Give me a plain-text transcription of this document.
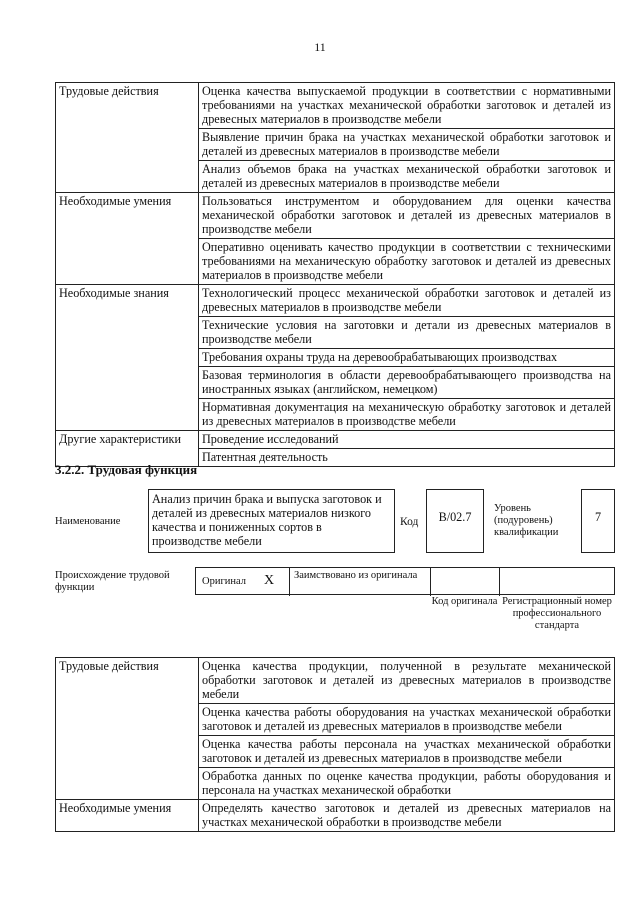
11
Трудовые действия	Оценка качества выпускаемой продукции в соответствии с нормативными требованиями на участках механической обработки заготовок и деталей из древесных материалов в производстве мебели
	Выявление причин брака на участках механической обработки заготовок и деталей из древесных материалов в производстве мебели
	Анализ объемов брака на участках механической обработки заготовок и деталей из древесных материалов в производстве мебели
Необходимые умения	Пользоваться инструментом и оборудованием для оценки качества механической обработки заготовок и деталей из древесных материалов в производстве мебели
	Оперативно оценивать качество продукции в соответствии с техническими требованиями на механическую обработку заготовок и деталей из древесных материалов в производстве мебели
Необходимые знания	Технологический процесс механической обработки заготовок и деталей из древесных материалов в производстве мебели
	Технические условия на заготовки и детали из древесных материалов в производстве мебели
	Требования охраны труда на деревообрабатывающих производствах
	Базовая терминология в области деревообрабатывающего производства на иностранных языках (английском, немецком)
	Нормативная документация на механическую обработку заготовок и деталей из древесных материалов в производстве мебели
Другие характеристики	Проведение исследований
	Патентная деятельность
3.2.2. Трудовая функция
Наименование
Анализ причин брака и выпуска заготовок и деталей из древесных материалов низкого качества и пониженных сортов в производстве мебели
Код	B/02.7
Уровень (подуровень) квалификации
7
Происхождение трудовой функции
Оригинал X Заимствовано из оригинала
Код оригинала Регистрационный номер профессионального стандарта
Трудовые действия	Оценка качества продукции, полученной в результате механической обработки заготовок и деталей из древесных материалов в производстве мебели
	Оценка качества работы оборудования на участках механической обработки заготовок и деталей из древесных материалов в производстве мебели
	Оценка качества работы персонала на участках механической обработки заготовок и деталей из древесных материалов в производстве мебели
	Обработка данных по оценке качества продукции, работы оборудования и персонала на участках механической обработки
Необходимые умения	Определять качество заготовок и деталей из древесных материалов на участках механической обработки в производстве мебели
